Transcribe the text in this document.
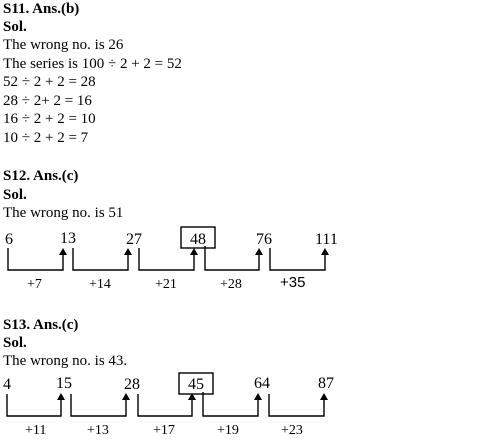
S11. Ans.(b)
Sol.
The wrong no. is 26
The series is 100 ÷ 2 + 2 = 52
52 ÷ 2 + 2 = 28
28 ÷ 2+ 2 = 16
16 ÷ 2 + 2 = 10
10 ÷ 2 + 2 = 7
S12. Ans.(c)
Sol.
The wrong no. is 51
6	13	27	48	76	111
+7	+14	+21	+28	+35
S13. Ans.(c)
Sol.
The wrong no. is 43.
4	15	28	45	64	87
+11	+13	+17	+19	+23
